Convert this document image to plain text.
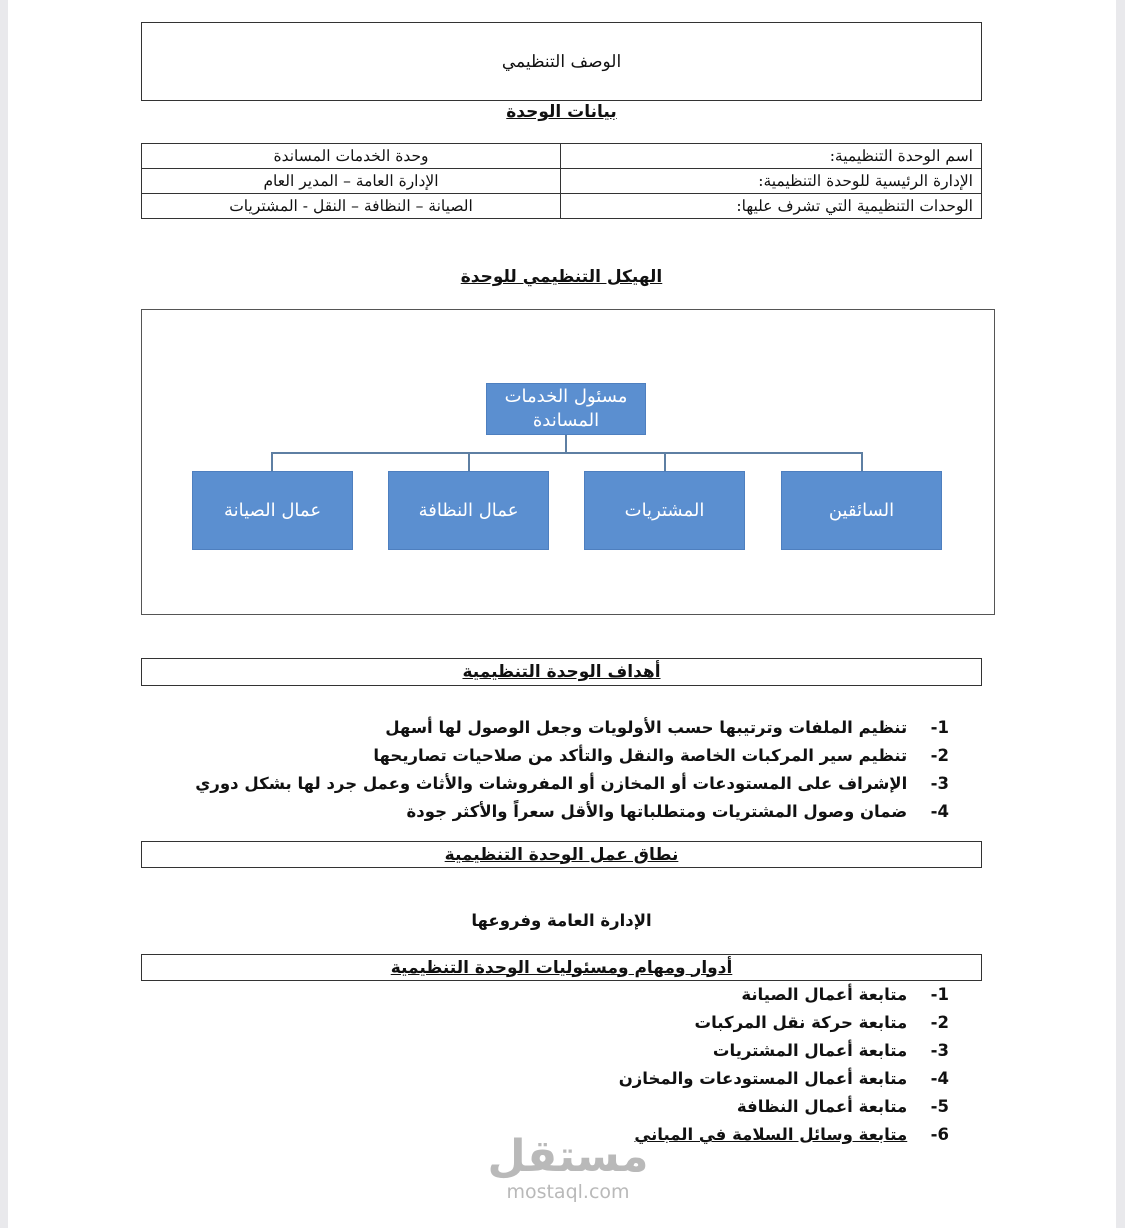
الوصف التنظيمي
بيانات الوحدة
اسم الوحدة التنظيمية:	وحدة الخدمات المساندة
الإدارة الرئيسية للوحدة التنظيمية:	الإدارة العامة – المدير العام
الوحدات التنظيمية التي تشرف عليها:	الصيانة – النظافة – النقل - المشتريات
الهيكل التنظيمي للوحدة
مسئول الخدمات المساندة
السائقين
المشتريات
عمال النظافة
عمال الصيانة
أهداف الوحدة التنظيمية
1- تنظيم الملفات وترتيبها حسب الأولويات وجعل الوصول لها أسهل
2- تنظيم سير المركبات الخاصة والنقل والتأكد من صلاحيات تصاريحها
3- الإشراف على المستودعات أو المخازن أو المفروشات والأثاث وعمل جرد لها بشكل دوري
4- ضمان وصول المشتريات ومتطلباتها والأقل سعراً والأكثر جودة
نطاق عمل الوحدة التنظيمية
الإدارة العامة وفروعها
أدوار ومهام ومسئوليات الوحدة التنظيمية
1- متابعة أعمال الصيانة
2- متابعة حركة نقل المركبات
3- متابعة أعمال المشتريات
4- متابعة أعمال المستودعات والمخازن
5- متابعة أعمال النظافة
6- متابعة وسائل السلامة في المباني
مستقل
mostaql.com
